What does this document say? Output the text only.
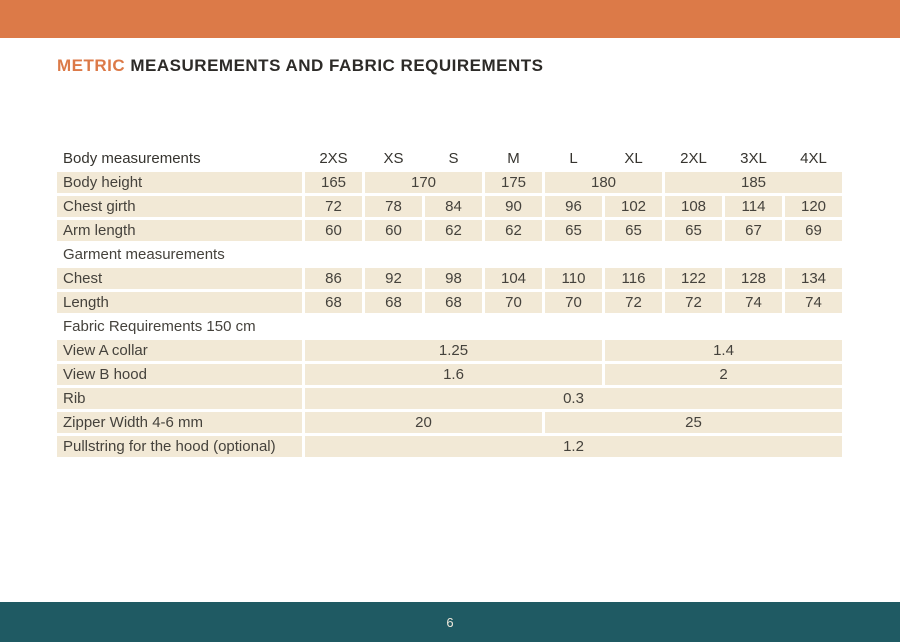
METRIC MEASUREMENTS AND FABRIC REQUIREMENTS
Body measurements	2XS	XS	S	M	L	XL	2XL	3XL	4XL
Body height	165	170		175	180		185		
Chest girth	72	78	84	90	96	102	108	114	120
Arm length	60	60	62	62	65	65	65	67	69
Garment measurements									
Chest	86	92	98	104	110	116	122	128	134
Length	68	68	68	70	70	72	72	74	74
Fabric Requirements 150 cm									
View A collar	1.25					1.4			
View B hood	1.6					2			
Rib	0.3								
Zipper Width 4-6 mm	20				25				
Pullstring for the hood (optional)	1.2								
6
